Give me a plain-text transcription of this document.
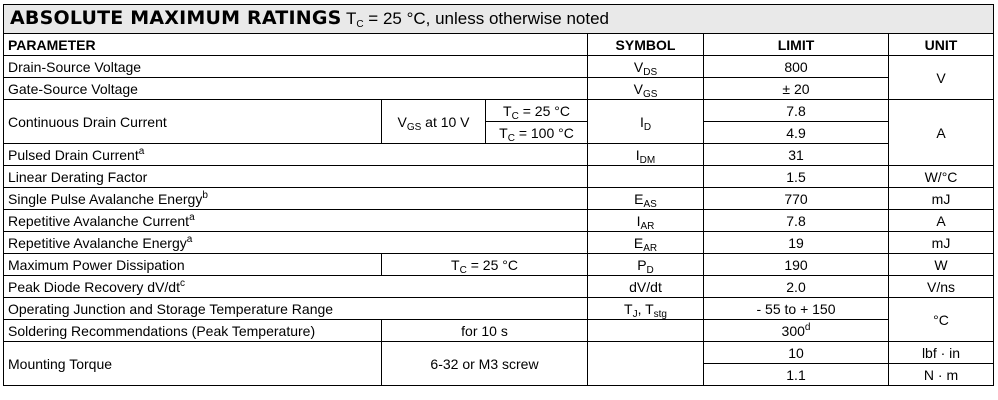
ABSOLUTE MAXIMUM RATINGS $T_C = 25$ °C, unless otherwise noted					
PARAMETER			SYMBOL	LIMIT	UNIT
Drain-Source Voltage			$V_{DS}$	800	V
Gate-Source Voltage			$V_{GS}$	± 20	
Continuous Drain Current	$V_{GS}$ at 10 V	$T_C = 25$ °C	$I_D$	7.8	A
		$T_C = 100$ °C		4.9	
Pulsed Drain Current$^a$			$I_{DM}$	31	
Linear Derating Factor				1.5	W/°C
Single Pulse Avalanche Energy$^b$			$E_{AS}$	770	mJ
Repetitive Avalanche Current$^a$			$I_{AR}$	7.8	A
Repetitive Avalanche Energy$^a$			$E_{AR}$	19	mJ
Maximum Power Dissipation	$T_C = 25$ °C		$P_D$	190	W
Peak Diode Recovery $dV/dt^c$			dV/dt	2.0	V/ns
Operating Junction and Storage Temperature Range			$T_J$, $T_{stg}$	- 55 to + 150	°C
Soldering Recommendations (Peak Temperature)	for 10 s			300$^d$
Mounting Torque	6-32 or M3 screw			10	lbf · in
				1.1	N · m
